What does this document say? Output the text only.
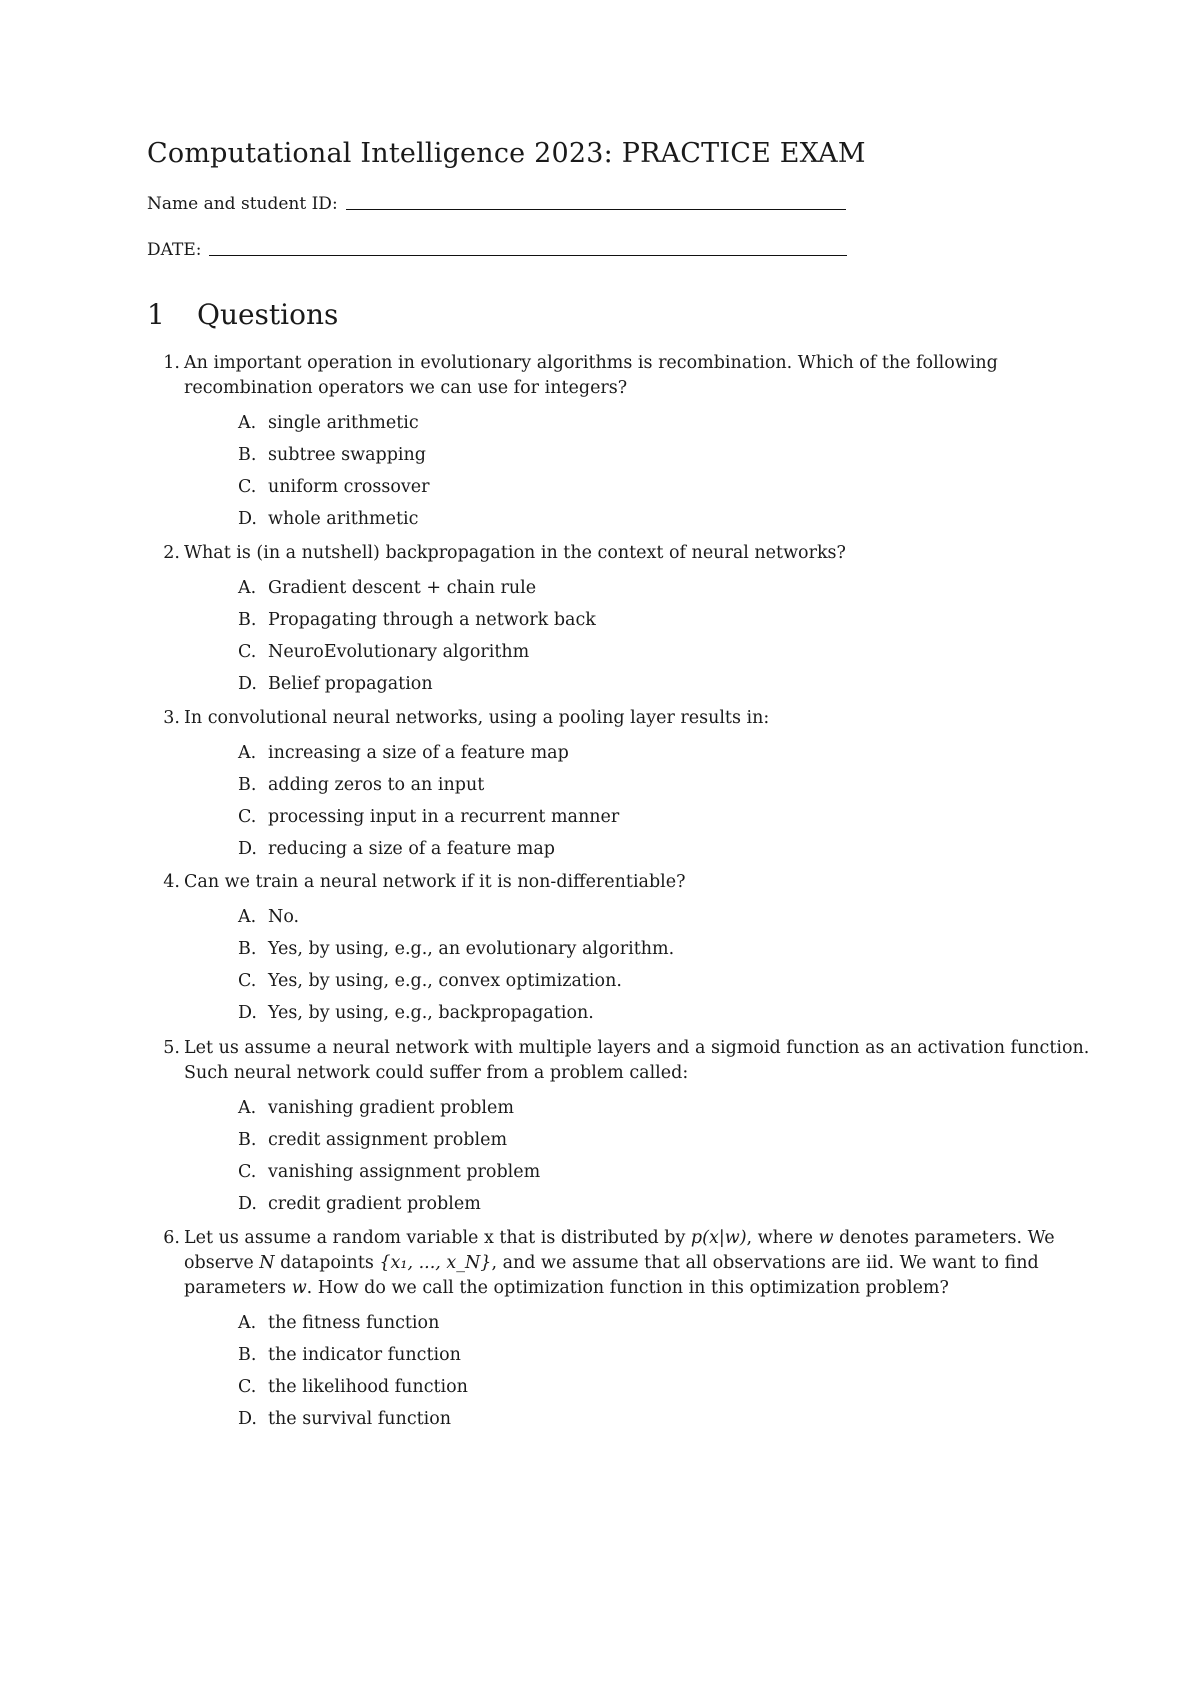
Computational Intelligence 2023: PRACTICE EXAM
Name and student ID:
DATE:
1 Questions
1. An important operation in evolutionary algorithms is recombination. Which of the following recombination operators we can use for integers?
A. single arithmetic
B. subtree swapping
C. uniform crossover
D. whole arithmetic
2. What is (in a nutshell) backpropagation in the context of neural networks?
A. Gradient descent + chain rule
B. Propagating through a network back
C. NeuroEvolutionary algorithm
D. Belief propagation
3. In convolutional neural networks, using a pooling layer results in:
A. increasing a size of a feature map
B. adding zeros to an input
C. processing input in a recurrent manner
D. reducing a size of a feature map
4. Can we train a neural network if it is non-differentiable?
A. No.
B. Yes, by using, e.g., an evolutionary algorithm.
C. Yes, by using, e.g., convex optimization.
D. Yes, by using, e.g., backpropagation.
5. Let us assume a neural network with multiple layers and a sigmoid function as an activation function. Such neural network could suffer from a problem called:
A. vanishing gradient problem
B. credit assignment problem
C. vanishing assignment problem
D. credit gradient problem
6. Let us assume a random variable x that is distributed by p(x|w), where w denotes parameters. We observe N datapoints {x₁, ..., x_N}, and we assume that all observations are iid. We want to find parameters w. How do we call the optimization function in this optimization problem?
A. the fitness function
B. the indicator function
C. the likelihood function
D. the survival function
